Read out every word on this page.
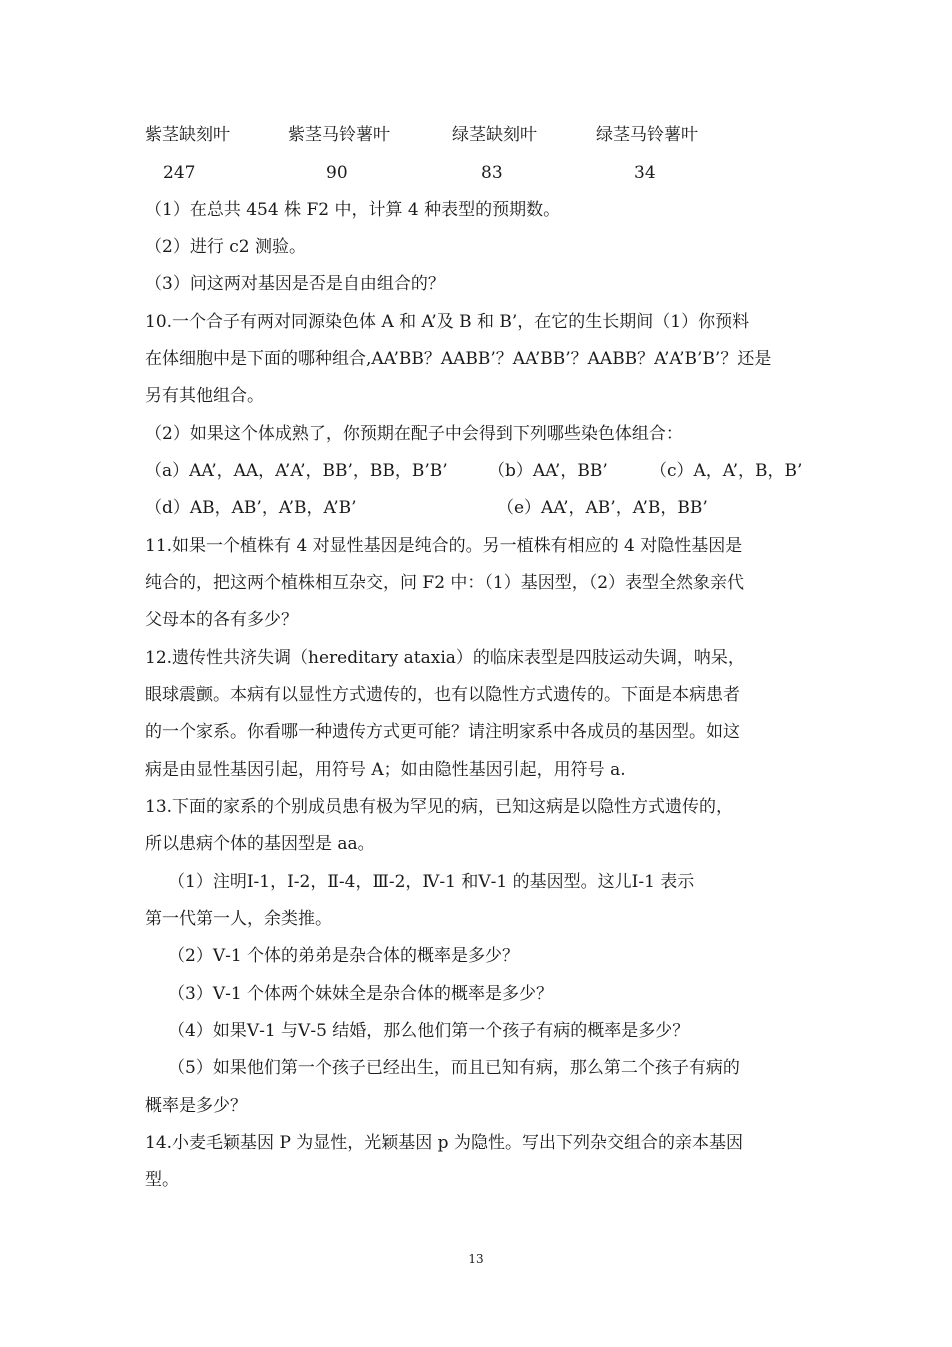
紫茎缺刻叶	紫茎马铃薯叶	绿茎缺刻叶	绿茎马铃薯叶
247	90	83	34
（1）在总共 454 株 F2 中，计算 4 种表型的预期数。
（2）进行 c2 测验。
（3）问这两对基因是否是自由组合的？
10.一个合子有两对同源染色体 A 和 A’及 B 和 B’，在它的生长期间（1）你预料
在体细胞中是下面的哪种组合,AA’BB？AABB’？AA’BB’？AABB？A’A’B’B’？还是
另有其他组合。
（2）如果这个体成熟了，你预期在配子中会得到下列哪些染色体组合：
（a）AA’，AA，A’A’，BB’，BB，B’B’ （b）AA’，BB’ （c）A，A’，B，B’
（d）AB，AB’，A’B，A’B’	（e）AA’，AB’，A’B，BB’
11.如果一个植株有 4 对显性基因是纯合的。另一植株有相应的 4 对隐性基因是
纯合的，把这两个植株相互杂交，问 F2 中：（1）基因型，（2）表型全然象亲代
父母本的各有多少？
12.遗传性共济失调（hereditary ataxia）的临床表型是四肢运动失调，呐呆，
眼球震颤。本病有以显性方式遗传的，也有以隐性方式遗传的。下面是本病患者
的一个家系。你看哪一种遗传方式更可能？请注明家系中各成员的基因型。如这
病是由显性基因引起，用符号 A；如由隐性基因引起，用符号 a.
13.下面的家系的个别成员患有极为罕见的病，已知这病是以隐性方式遗传的，
所以患病个体的基因型是 aa。
（1）注明Ⅰ-1，Ⅰ-2，Ⅱ-4，Ⅲ-2，Ⅳ-1 和Ⅴ-1 的基因型。这儿Ⅰ-1 表示
第一代第一人，余类推。
（2）Ⅴ-1 个体的弟弟是杂合体的概率是多少？
（3）Ⅴ-1 个体两个妹妹全是杂合体的概率是多少？
（4）如果Ⅴ-1 与Ⅴ-5 结婚，那么他们第一个孩子有病的概率是多少？
（5）如果他们第一个孩子已经出生，而且已知有病，那么第二个孩子有病的
概率是多少？
14.小麦毛颖基因 P 为显性，光颖基因 p 为隐性。写出下列杂交组合的亲本基因
型。
13
